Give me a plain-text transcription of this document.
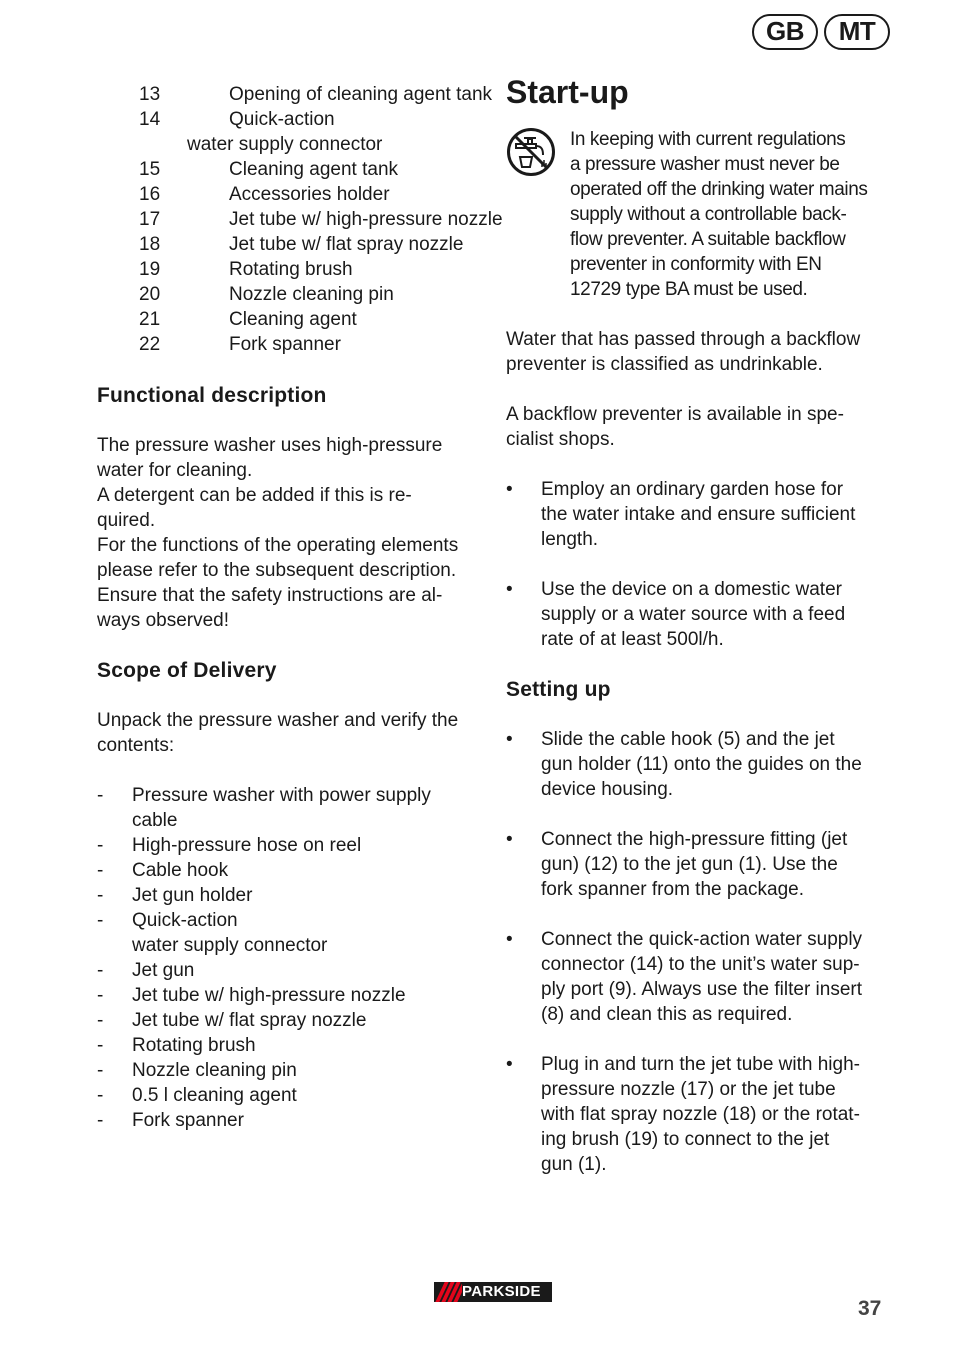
GB	MT
13	Opening of cleaning agent tank
14	Quick-action
water supply connector
15	Cleaning agent tank
16	Accessories holder
17	Jet tube w/ high-pressure nozzle
18	Jet tube w/ flat spray nozzle
19	Rotating brush
20	Nozzle cleaning pin
21	Cleaning agent
22	Fork spanner
Functional description

The pressure washer uses high-pressure

water for cleaning.

A detergent can be added if this is re-

quired.

For the functions of the operating elements

please refer to the subsequent description.

Ensure that the safety instructions are al-

ways observed!

Scope of Delivery

Unpack the pressure washer and verify the

contents:

-	Pressure washer with power supply
cable
-	High-pressure hose on reel
-	Cable hook
-	Jet gun holder
-	Quick-action
water supply connector
-	Jet gun
-	Jet tube w/ high-pressure nozzle
-	Jet tube w/ flat spray nozzle
-	Rotating brush
-	Nozzle cleaning pin
-	0.5 l cleaning agent
-	Fork spanner
Start-up

In keeping with current regulations

a pressure washer must never be

operated off the drinking water mains

supply without a controllable back-

flow preventer. A suitable backflow

preventer in conformity with EN

12729 type BA must be used.

Water that has passed through a backflow

preventer is classified as undrinkable.

A backflow preventer is available in spe-

cialist shops.

•	Employ an ordinary garden hose for
the water intake and ensure sufficient
length.
•	Use the device on a domestic water
supply or a water source with a feed
rate of at least 500l/h.
Setting up
•	Slide the cable hook (5) and the jet
gun holder (11) onto the guides on the
device housing.
•	Connect the high-pressure fitting (jet
gun) (12) to the jet gun (1). Use the
fork spanner from the package.
•	Connect the quick-action water supply
connector (14) to the unit’s water sup-
ply port (9). Always use the filter insert
(8) and clean this as required.
•	Plug in and turn the jet tube with high-
pressure nozzle (17) or the jet tube
with flat spray nozzle (18) or the rotat-
ing brush (19) to connect to the jet
gun (1).
PARKSIDE
37
